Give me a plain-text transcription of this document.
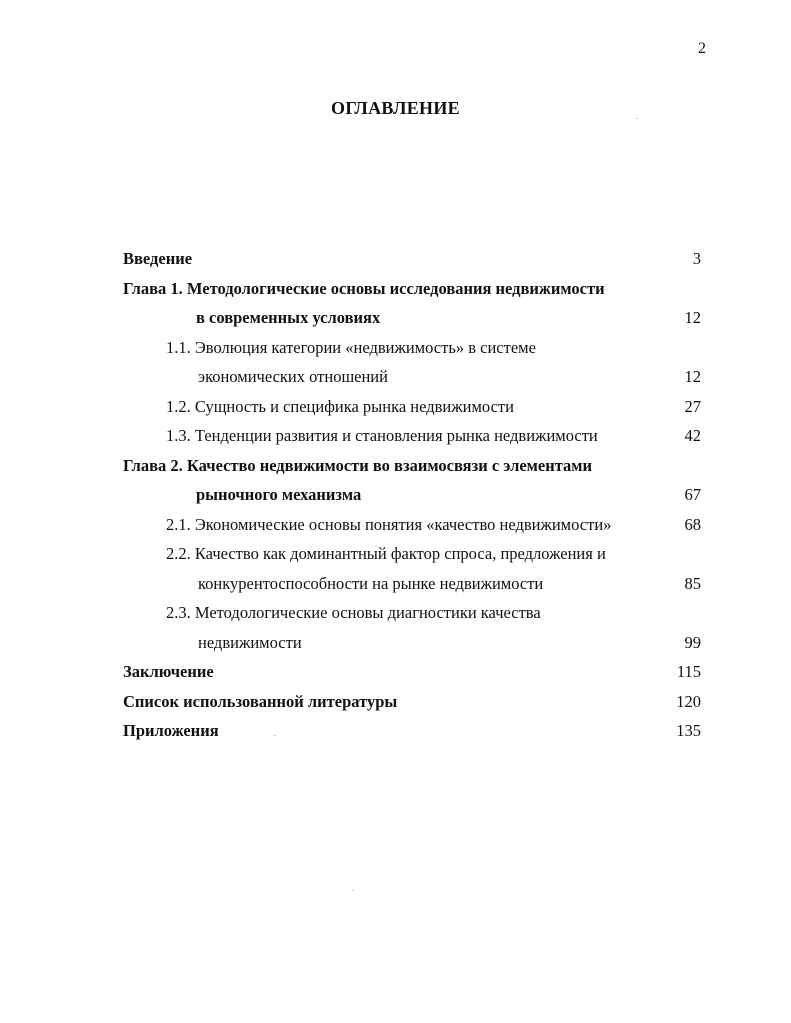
2
ОГЛАВЛЕНИЕ
Введение	3
Глава 1. Методологические основы исследования недвижимости
в современных условиях	12
1.1. Эволюция категории «недвижимость» в системе
экономических отношений	12
1.2. Сущность и специфика рынка недвижимости	27
1.3. Тенденции развития и становления рынка недвижимости	42
Глава 2. Качество недвижимости во взаимосвязи с элементами
рыночного механизма	67
2.1. Экономические основы понятия «качество недвижимости»	68
2.2. Качество как доминантный фактор спроса, предложения и
конкурентоспособности на рынке недвижимости	85
2.3. Методологические основы диагностики качества
недвижимости	99
Заключение	115
Список использованной литературы	120
Приложения	135
